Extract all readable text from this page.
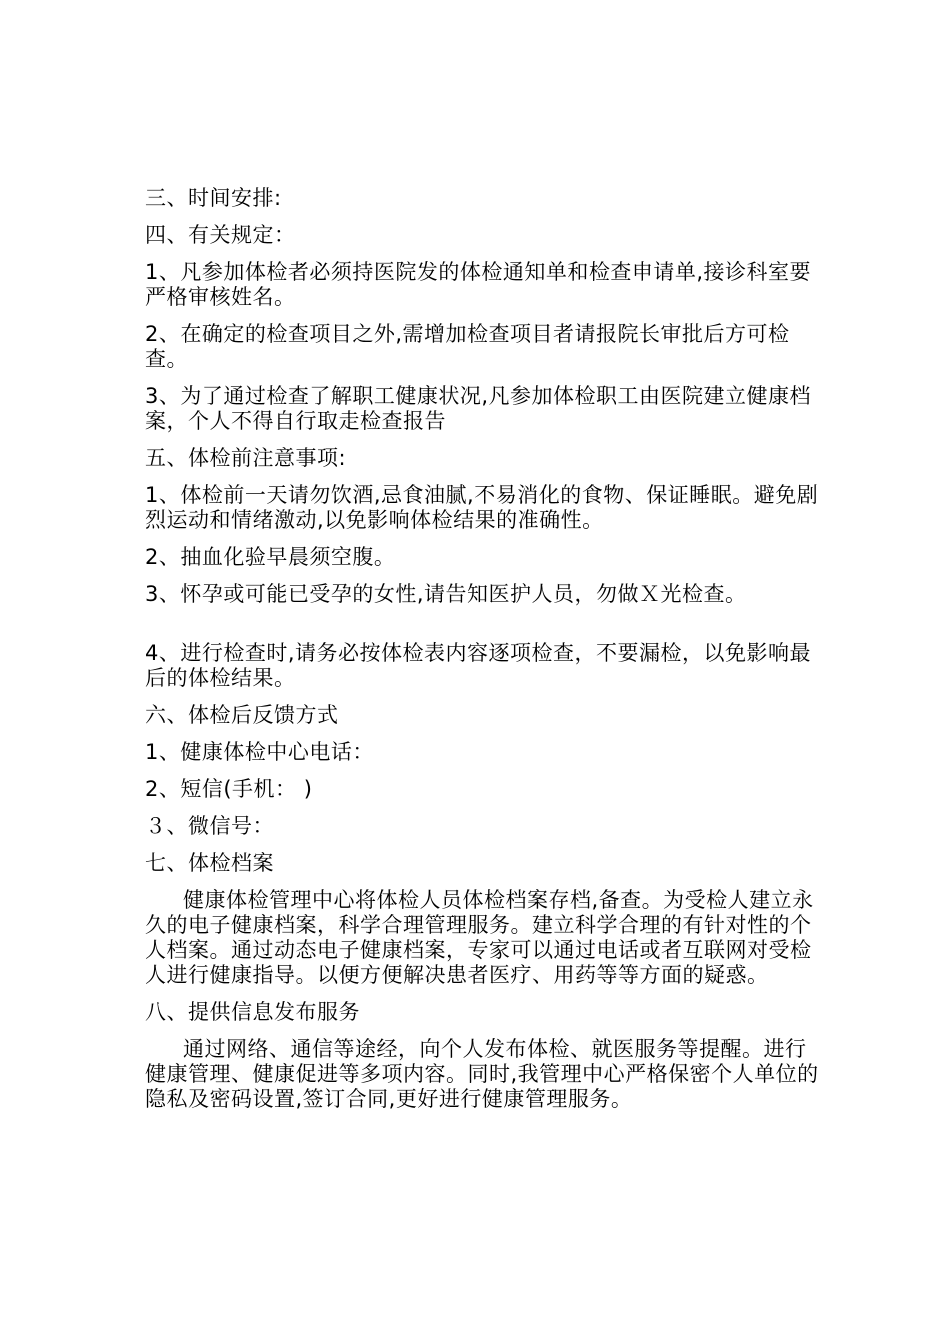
三、时间安排:

四、有关规定：

1、凡参加体检者必须持医院发的体检通知单和检查申请单,接诊科室要严格审核姓名。

2、在确定的检查项目之外,需增加检查项目者请报院长审批后方可检查。

3、为了通过检查了解职工健康状况,凡参加体检职工由医院建立健康档案，个人不得自行取走检查报告

五、体检前注意事项:

1、体检前一天请勿饮酒,忌食油腻,不易消化的食物、保证睡眠。避免剧烈运动和情绪激动,以免影响体检结果的准确性。

2、抽血化验早晨须空腹。

3、怀孕或可能已受孕的女性,请告知医护人员，勿做Ｘ光检查。

4、进行检查时,请务必按体检表内容逐项检查，不要漏检，以免影响最后的体检结果。

六、体检后反馈方式

1、健康体检中心电话：

2、短信(手机： )

３、微信号：

七、体检档案

健康体检管理中心将体检人员体检档案存档,备查。为受检人建立永久的电子健康档案，科学合理管理服务。建立科学合理的有针对性的个人档案。通过动态电子健康档案，专家可以通过电话或者互联网对受检人进行健康指导。以便方便解决患者医疗、用药等等方面的疑惑。

八、提供信息发布服务

通过网络、通信等途经，向个人发布体检、就医服务等提醒。进行健康管理、健康促进等多项内容。同时,我管理中心严格保密个人单位的隐私及密码设置,签订合同,更好进行健康管理服务。
